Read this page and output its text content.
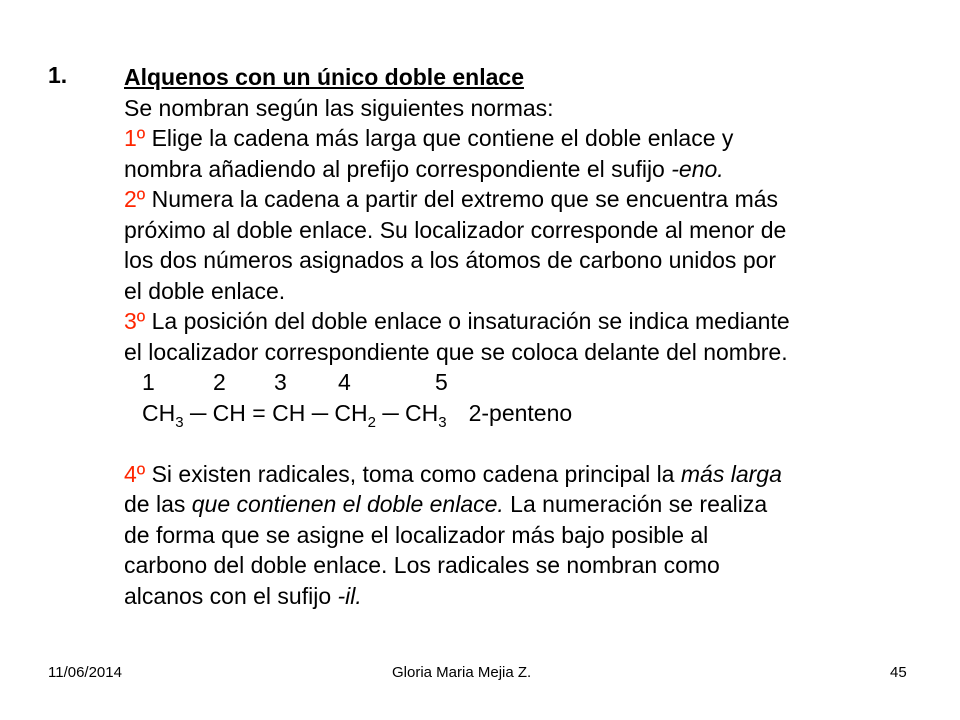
1. Alquenos con un único doble enlace
Se nombran según las siguientes normas:
1º Elige la cadena más larga que contiene el doble enlace y
nombra añadiendo al prefijo correspondiente el sufijo -eno.
2º Numera la cadena a partir del extremo que se encuentra más
próximo al doble enlace. Su localizador corresponde al menor de
los dos números asignados a los átomos de carbono unidos por
el doble enlace.
3º La posición del doble enlace o insaturación se indica mediante
el localizador correspondiente que se coloca delante del nombre.
1	2 3 4	5
$CH_3$ ─ CH = CH ─ $CH_2$ ─ $CH_3$ 2-penteno
4º Si existen radicales, toma como cadena principal la más larga
de las que contienen el doble enlace. La numeración se realiza
de forma que se asigne el localizador más bajo posible al
carbono del doble enlace. Los radicales se nombran como
alcanos con el sufijo -il.
11/06/2014	Gloria Maria Mejia Z.	45
